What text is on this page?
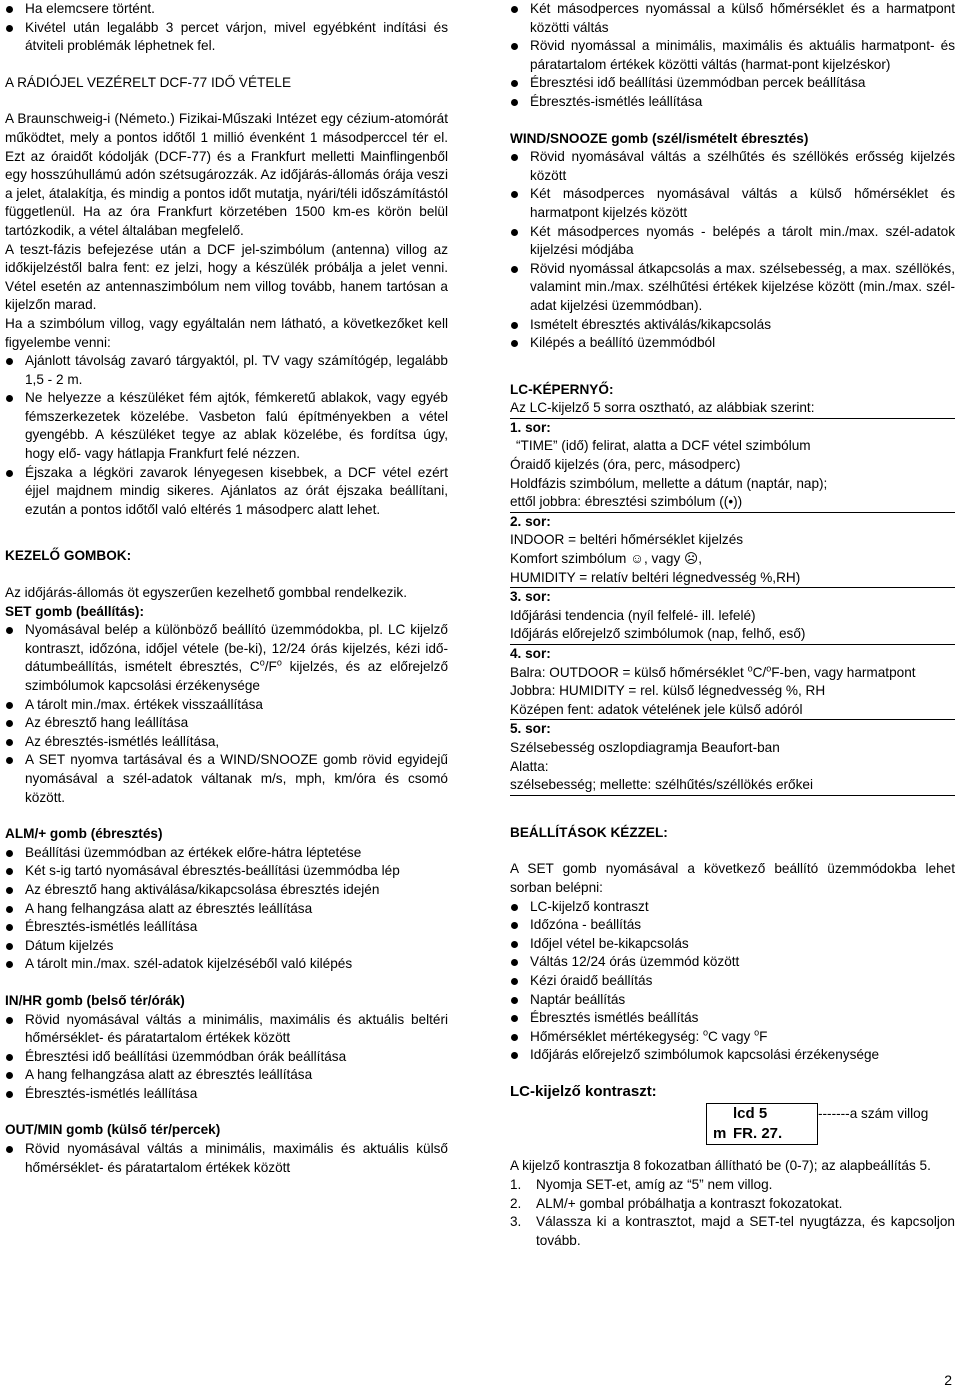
Ha elemcsere történt.
Kivétel után legalább 3 percet várjon, mivel egyébként indítási és átviteli problémák léphetnek fel.

A RÁDIÓJEL VEZÉRELT DCF-77 IDŐ VÉTELE

A Braunschweig-i (Németo.) Fizikai-Műszaki Intézet egy cézium-atomórát működtet, mely a pontos időtől 1 millió évenként 1 másodperccel tér el. Ezt az óraidőt kódolják (DCF-77) és a Frankfurt melletti Mainflingenből egy hosszúhullámú adón szétsugározzák. Az időjárás-állomás órája veszi a jelet, átalakítja, és mindig a pontos időt mutatja, nyári/téli időszámítástól függetlenül. Ha az óra Frankfurt körzetében 1500 km-es körön belül tartózkodik, a vétel általában megfelelő.

A teszt-fázis befejezése után a DCF jel-szimbólum (antenna) villog az időkijelzéstől balra fent: ez jelzi, hogy a készülék próbálja a jelet venni. Vétel esetén az antennaszimbólum nem villog tovább, hanem tartósan a kijelzőn marad.

Ha a szimbólum villog, vagy egyáltalán nem látható, a következőket kell figyelembe venni:

Ajánlott távolság zavaró tárgyaktól, pl. TV vagy számítógép, legalább 1,5 - 2 m.
Ne helyezze a készüléket fém ajtók, fémkeretű ablakok, vagy egyéb fémszerkezetek közelébe. Vasbeton falú építményekben a vétel gyengébb. A készüléket tegye az ablak közelébe, és fordítsa úgy, hogy elő- vagy hátlapja Frankfurt felé nézzen.
Éjszaka a légköri zavarok lényegesen kisebbek, a DCF vétel ezért éjjel majdnem mindig sikeres. Ajánlatos az órát éjszaka beállítani, ezután a pontos időtől való eltérés 1 másodperc alatt lehet.

KEZELŐ GOMBOK:

Az időjárás-állomás öt egyszerűen kezelhető gombbal rendelkezik.

SET gomb (beállítás):

Nyomásával belép a különböző beállító üzemmódokba, pl. LC kijelző kontraszt, időzóna, időjel vétele (be-ki), 12/24 órás kijelzés, kézi idő- dátumbeállítás, ismételt ébresztés, $C^o/F^o$ kijelzés, és az előrejelző szimbólumok kapcsolási érzékenysége
A tárolt min./max. értékek visszaállítása
Az ébresztő hang leállítása
Az ébresztés-ismétlés leállítása,
A SET nyomva tartásával és a WIND/SNOOZE gomb rövid egyidejű nyomásával a szél-adatok váltanak m/s, mph, km/óra és csomó között.

ALM/+ gomb (ébresztés)

Beállítási üzemmódban az értékek előre-hátra léptetése
Két s-ig tartó nyomásával ébresztés-beállítási üzemmódba lép
Az ébresztő hang aktiválása/kikapcsolása ébresztés idején
A hang felhangzása alatt az ébresztés leállítása
Ébresztés-ismétlés leállítása
Dátum kijelzés
A tárolt min./max. szél-adatok kijelzéséből való kilépés

IN/HR gomb (belső tér/órák)

Rövid nyomásával váltás a minimális, maximális és aktuális beltéri hőmérséklet- és páratartalom értékek között
Ébresztési idő beállítási üzemmódban órák beállítása
A hang felhangzása alatt az ébresztés leállítása
Ébresztés-ismétlés leállítása

OUT/MIN gomb (külső tér/percek)

Rövid nyomásával váltás a minimális, maximális és aktuális külső hőmérséklet- és páratartalom értékek között
Két másodperces nyomással a külső hőmérséklet és a harmatpont közötti váltás
Rövid nyomással a minimális, maximális és aktuális harmatpont- és páratartalom értékek közötti váltás (harmat-pont kijelzéskor)
Ébresztési idő beállítási üzemmódban percek beállítása
Ébresztés-ismétlés leállítása

WIND/SNOOZE gomb (szél/ismételt ébresztés)

Rövid nyomásával váltás a szélhűtés és széllökés erősség kijelzés között
Két másodperces nyomásával váltás a külső hőmérséklet és harmatpont kijelzés között
Két másodperces nyomás - belépés a tárolt min./max. szél-adatok kijelzési módjába
Rövid nyomással átkapcsolás a max. szélsebesség, a max. széllökés, valamint min./max. szélhűtési értékek kijelzése között (min./max. szél-adat kijelzési üzemmódban).
Ismételt ébresztés aktiválás/kikapcsolás
Kilépés a beállító üzemmódból

LC-KÉPERNYŐ:

Az LC-kijelző 5 sorra osztható, az alábbiak szerint:

1. sor:

“TIME” (idő) felirat, alatta a DCF vétel szimbólum

Óraidő kijelzés (óra, perc, másodperc)

Holdfázis szimbólum, mellette a dátum (naptár, nap);

ettől jobbra: ébresztési szimbólum ((•))

2. sor:

INDOOR = beltéri hőmérséklet kijelzés

Komfort szimbólum ☺, vagy ☹,

HUMIDITY = relatív beltéri légnedvesség %,RH)

3. sor:

Időjárási tendencia (nyíl felfelé- ill. lefelé)

Időjárás előrejelző szimbólumok (nap, felhő, eső)

4. sor:

Balra: OUTDOOR = külső hőmérséklet $^o$C/$^o$F-ben, vagy harmatpont

Jobbra: HUMIDITY = rel. külső légnedvesség %, RH

Középen fent: adatok vételének jele külső adóról

5. sor:

Szélsebesség oszlopdiagramja Beaufort-ban

Alatta:

szélsebesség; mellette: szélhűtés/széllökés erőkei

BEÁLLÍTÁSOK KÉZZEL:

A SET gomb nyomásával a következő beállító üzemmódokba lehet sorban belépni:

LC-kijelző kontraszt
Időzóna - beállítás
Időjel vétel be-kikapcsolás
Váltás 12/24 órás üzemmód között
Kézi óraidő beállítás
Naptár beállítás
Ébresztés ismétlés beállítás
Hőmérséklet mértékegység: $^o$C vagy $^o$F
Időjárás előrejelző szimbólumok kapcsolási érzékenysége

LC-kijelző kontraszt:

lcd 5
m FR. 27.
-------a szám villog

A kijelző kontrasztja 8 fokozatban állítható be (0-7); az alapbeállítás 5.

1. Nyomja SET-et, amíg az “5” nem villog.
2. ALM/+ gombal próbálhatja a kontraszt fokozatokat.
3. Válassza ki a kontrasztot, majd a SET-tel nyugtázza, és kapcsoljon tovább.
2
